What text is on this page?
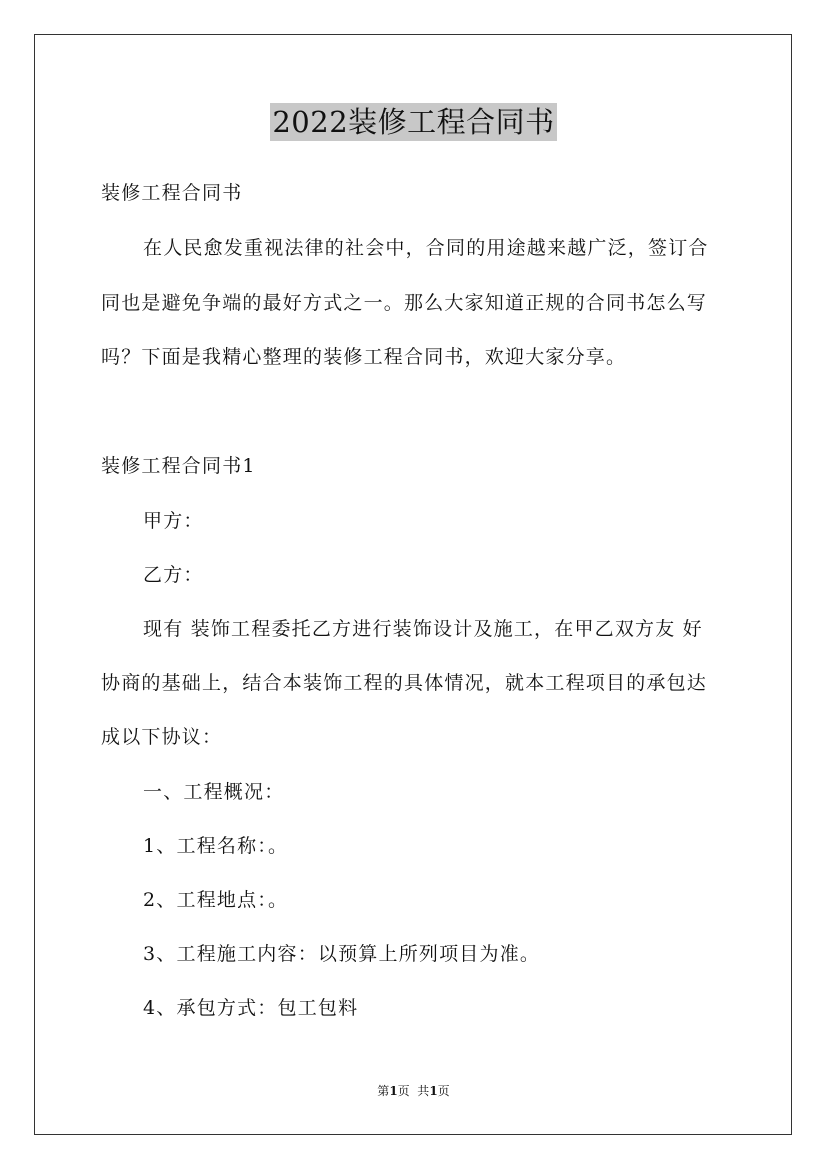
2022装修工程合同书
装修工程合同书
在人民愈发重视法律的社会中，合同的用途越来越广泛，签订合
同也是避免争端的最好方式之一。那么大家知道正规的合同书怎么写
吗？下面是我精心整理的装修工程合同书，欢迎大家分享。
装修工程合同书1
甲方：
乙方：
现有 装饰工程委托乙方进行装饰设计及施工，在甲乙双方友 好
协商的基础上，结合本装饰工程的具体情况，就本工程项目的承包达
成以下协议：
一、工程概况：
1、工程名称：。
2、工程地点：。
3、工程施工内容：以预算上所列项目为准。
4、承包方式：包工包料
第1页  共1页
